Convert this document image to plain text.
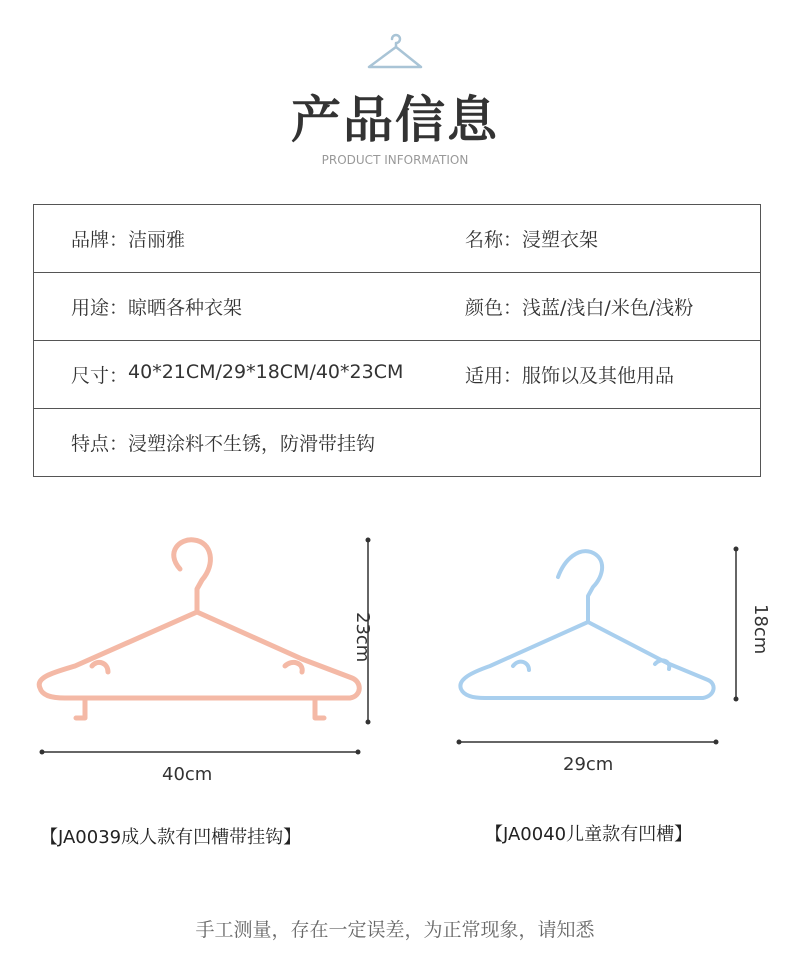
产品信息
PRODUCT INFORMATION
品牌： 洁丽雅	名称： 浸塑衣架

用途： 晾晒各种衣架	颜色： 浅蓝/浅白/米色/浅粉

尺寸： 40*21CM/29*18CM/40*23CM	适用： 服饰以及其他用品

特点： 浸塑涂料不生锈，防滑带挂钩	
23cm
40cm
【JA0039成人款有凹槽带挂钩】
18cm
29cm
【JA0040儿童款有凹槽】
手工测量，存在一定误差，为正常现象，请知悉
